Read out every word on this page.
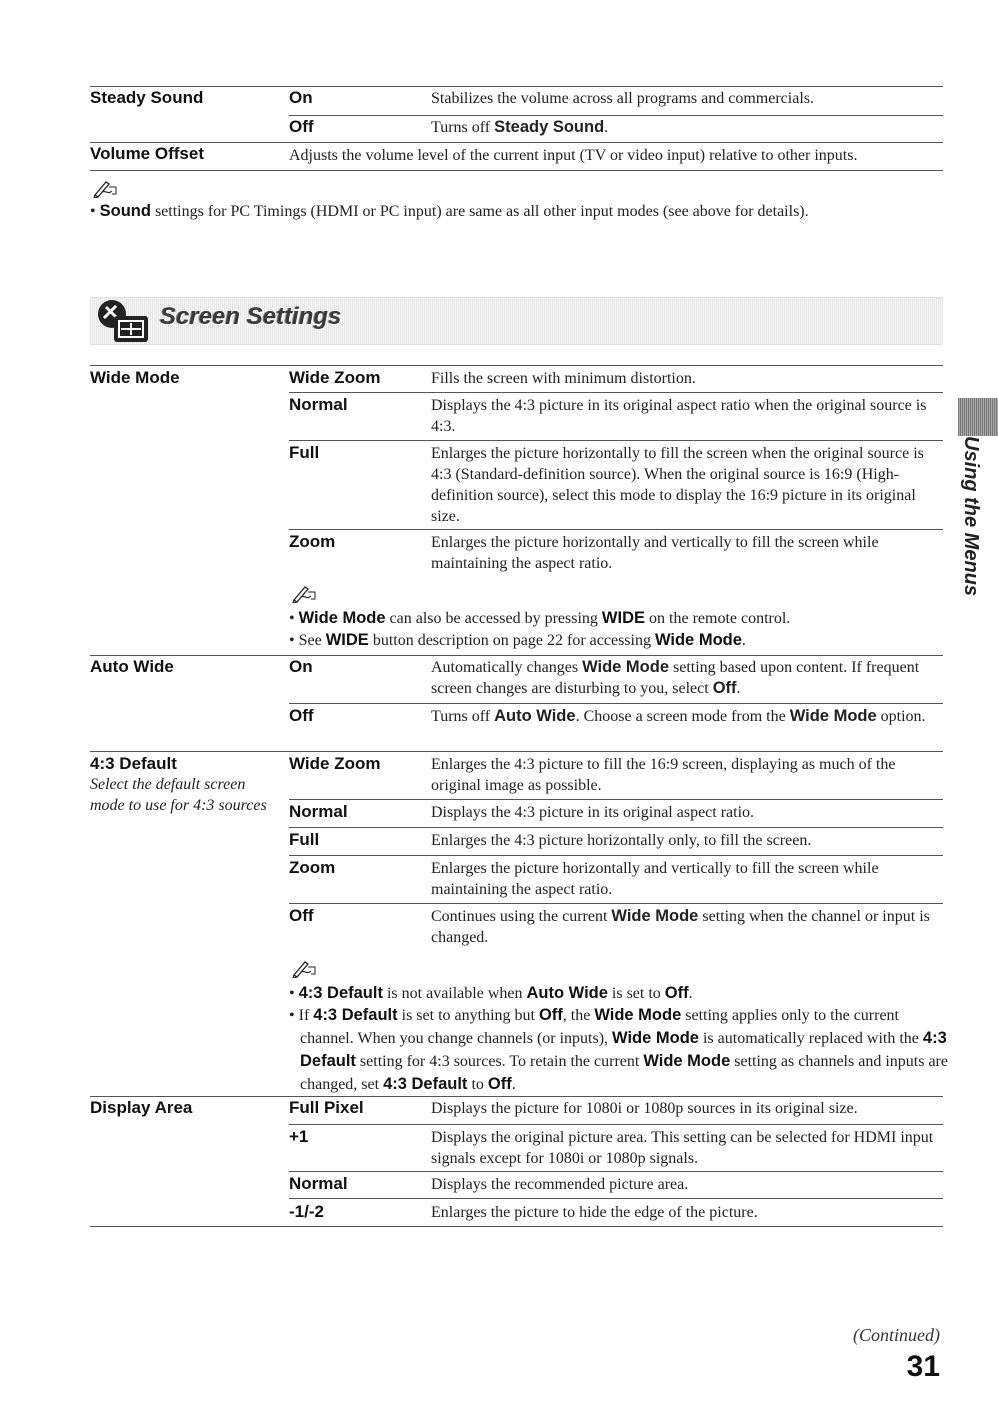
Steady Sound	On	Stabilizes the volume across all programs and commercials.
Off	Turns off Steady Sound.
Volume Offset	Adjusts the volume level of the current input (TV or video input) relative to other inputs.
• Sound settings for PC Timings (HDMI or PC input) are same as all other input modes (see above for details).
Screen Settings
Wide Mode	Wide Zoom	Fills the screen with minimum distortion.
Normal	Displays the 4:3 picture in its original aspect ratio when the original source is 4:3.
Full	Enlarges the picture horizontally to fill the screen when the original source is 4:3 (Standard-definition source). When the original source is 16:9 (High-definition source), select this mode to display the 16:9 picture in its original size.
Zoom	Enlarges the picture horizontally and vertically to fill the screen while maintaining the aspect ratio.
• Wide Mode can also be accessed by pressing WIDE on the remote control.
• See WIDE button description on page 22 for accessing Wide Mode.
Auto Wide	On	Automatically changes Wide Mode setting based upon content. If frequent screen changes are disturbing to you, select Off.
Off	Turns off Auto Wide. Choose a screen mode from the Wide Mode option.
4:3 Default
Select the default screen mode to use for 4:3 sources
Wide Zoom	Enlarges the 4:3 picture to fill the 16:9 screen, displaying as much of the original image as possible.
Normal	Displays the 4:3 picture in its original aspect ratio.
Full	Enlarges the 4:3 picture horizontally only, to fill the screen.
Zoom	Enlarges the picture horizontally and vertically to fill the screen while maintaining the aspect ratio.
Off	Continues using the current Wide Mode setting when the channel or input is changed.
• 4:3 Default is not available when Auto Wide is set to Off.
• If 4:3 Default is set to anything but Off, the Wide Mode setting applies only to the current channel. When you change channels (or inputs), Wide Mode is automatically replaced with the 4:3 Default setting for 4:3 sources. To retain the current Wide Mode setting as channels and inputs are changed, set 4:3 Default to Off.
Display Area	Full Pixel	Displays the picture for 1080i or 1080p sources in its original size.
+1	Displays the original picture area. This setting can be selected for HDMI input signals except for 1080i or 1080p signals.
Normal	Displays the recommended picture area.
-1/-2	Enlarges the picture to hide the edge of the picture.
Using the Menus
(Continued)
31
